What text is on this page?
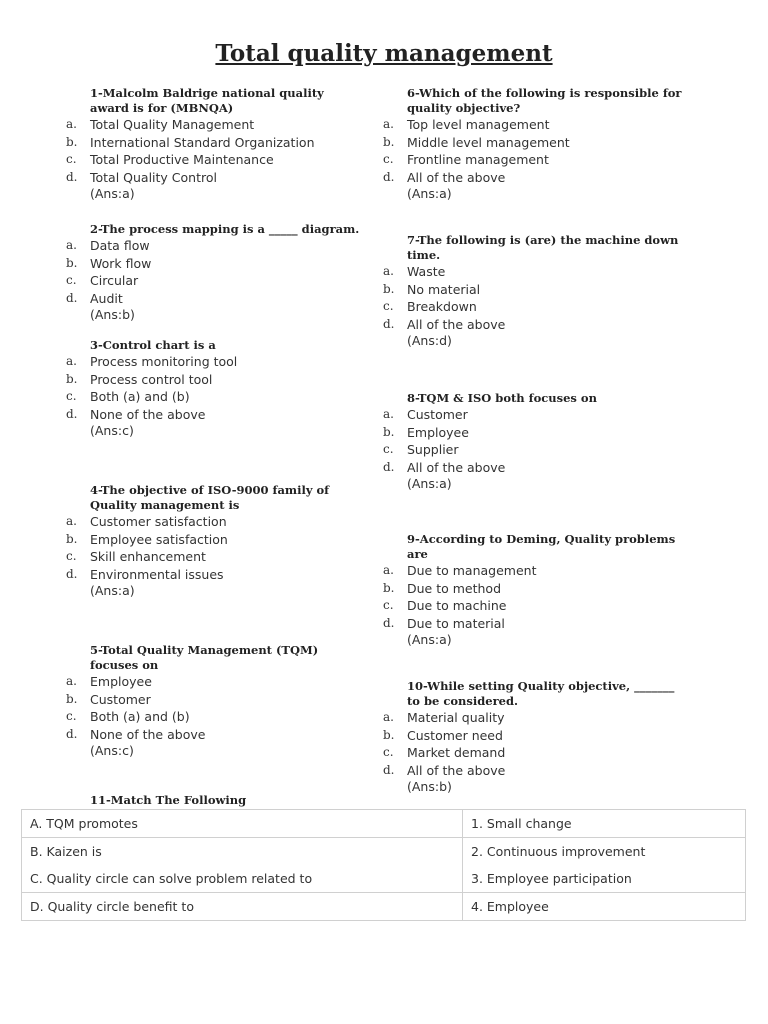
Total quality management
1-Malcolm Baldrige national quality award is for (MBNQA)
a. Total Quality Management
b. International Standard Organization
c. Total Productive Maintenance
d. Total Quality Control
(Ans:a)
2-The process mapping is a _____ diagram.
a. Data flow
b. Work flow
c. Circular
d. Audit
(Ans:b)
3-Control chart is a
a. Process monitoring tool
b. Process control tool
c. Both (a) and (b)
d. None of the above
(Ans:c)
4-The objective of ISO-9000 family of Quality management is
a. Customer satisfaction
b. Employee satisfaction
c. Skill enhancement
d. Environmental issues
(Ans:a)
5-Total Quality Management (TQM) focuses on
a. Employee
b. Customer
c. Both (a) and (b)
d. None of the above
(Ans:c)
6-Which of the following is responsible for quality objective?
a. Top level management
b. Middle level management
c. Frontline management
d. All of the above
(Ans:a)
7-The following is (are) the machine down time.
a. Waste
b. No material
c. Breakdown
d. All of the above
(Ans:d)
8-TQM & ISO both focuses on
a. Customer
b. Employee
c. Supplier
d. All of the above
(Ans:a)
9-According to Deming, Quality problems are
a. Due to management
b. Due to method
c. Due to machine
d. Due to material
(Ans:a)
10-While setting Quality objective, _______ to be considered.
a. Material quality
b. Customer need
c. Market demand
d. All of the above
(Ans:b)
11-Match The Following
A. TQM promotes	1. Small change
B. Kaizen is	2. Continuous improvement
C. Quality circle can solve problem related to	3. Employee participation
D. Quality circle benefit to	4. Employee
